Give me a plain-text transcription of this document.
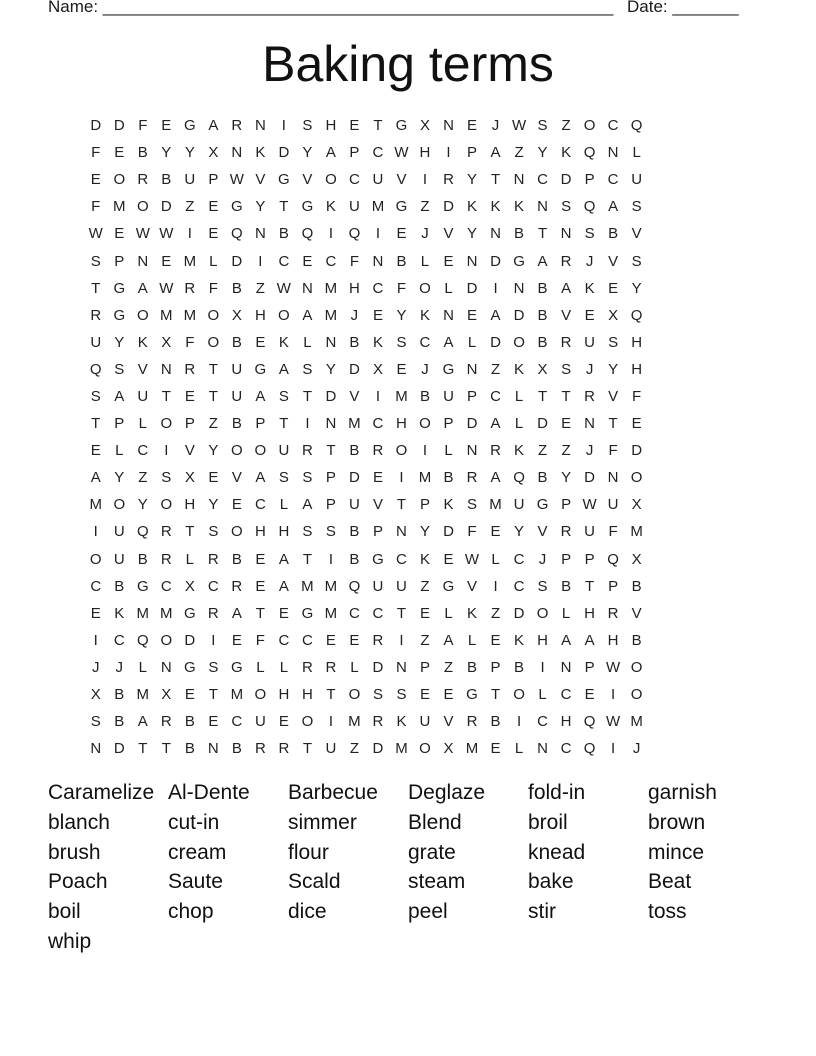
Name: ______________________________________________________ Date: _______
Baking terms
D D F E G A R N	I	S H E T G X N E J W S Z O C Q
F E B Y Y X N K D Y A P C W H	I	P A Z Y K Q N L
E O R B U P W V G V O C U V	I	R Y T N C D P C U
F M O D Z E G Y T G K U M G Z D K K K N S Q A S
W E W W I	E Q N B Q	I	Q	I	E J V Y N B T N S B V
S P N E M L D	I	C E C F N B L E N D G A R J V S
T G A W R F B Z W N M H C F O L D	I	N B A K E Y
R G O M M O X H O A M J E Y K N E A D B V E X Q
U Y K X F O B E K L N B K S C A L D O B R U S H
Q S V N R T U G A S Y D X E J G N Z K X S J Y H
S A U T E T U A S T D V	I	M B U P C L T T R V F
T P L O P Z B P T	I	N M C H O P D A L D E N T E
E L C	I	V Y O O U R T B R O	I	L N R K Z Z	J	F D
A Y Z S X E V A S S P D E	I	M B R A Q B Y D N O
M O Y O H Y E C L A P U V T P K S M U G P W U X
I	U Q R T S O H H S S B P N Y D F E Y V R U F M
O U B R L R B E A T	I	B G C K E W L C J P P Q X
C B G C X C R E A M M Q U U Z G V	I	C S B T P B
E K M M G R A T E G M C C T E L K Z D O L H R V
I	C Q O D	I	E F C C E E R	I	Z A L E K H A A H B
J	J	L N G S G L	L R R L D N P Z B P B	I	N P W O
X B M X E T M O H H T O S S E E G T O L C E	I	O
S B A R B E C U E O	I	M R K U V R B	I	C H Q W M
N D T T B N B R R T U Z D M O X M E L N C Q	I	J
Caramelize Al-Dente	Barbecue	Deglaze	fold-in	garnish
blanch	cut-in	simmer	Blend	broil	brown
brush	cream	flour	grate	knead	mince
Poach	Saute	Scald	steam	bake	Beat
boil	chop	dice	peel	stir	toss
whip
